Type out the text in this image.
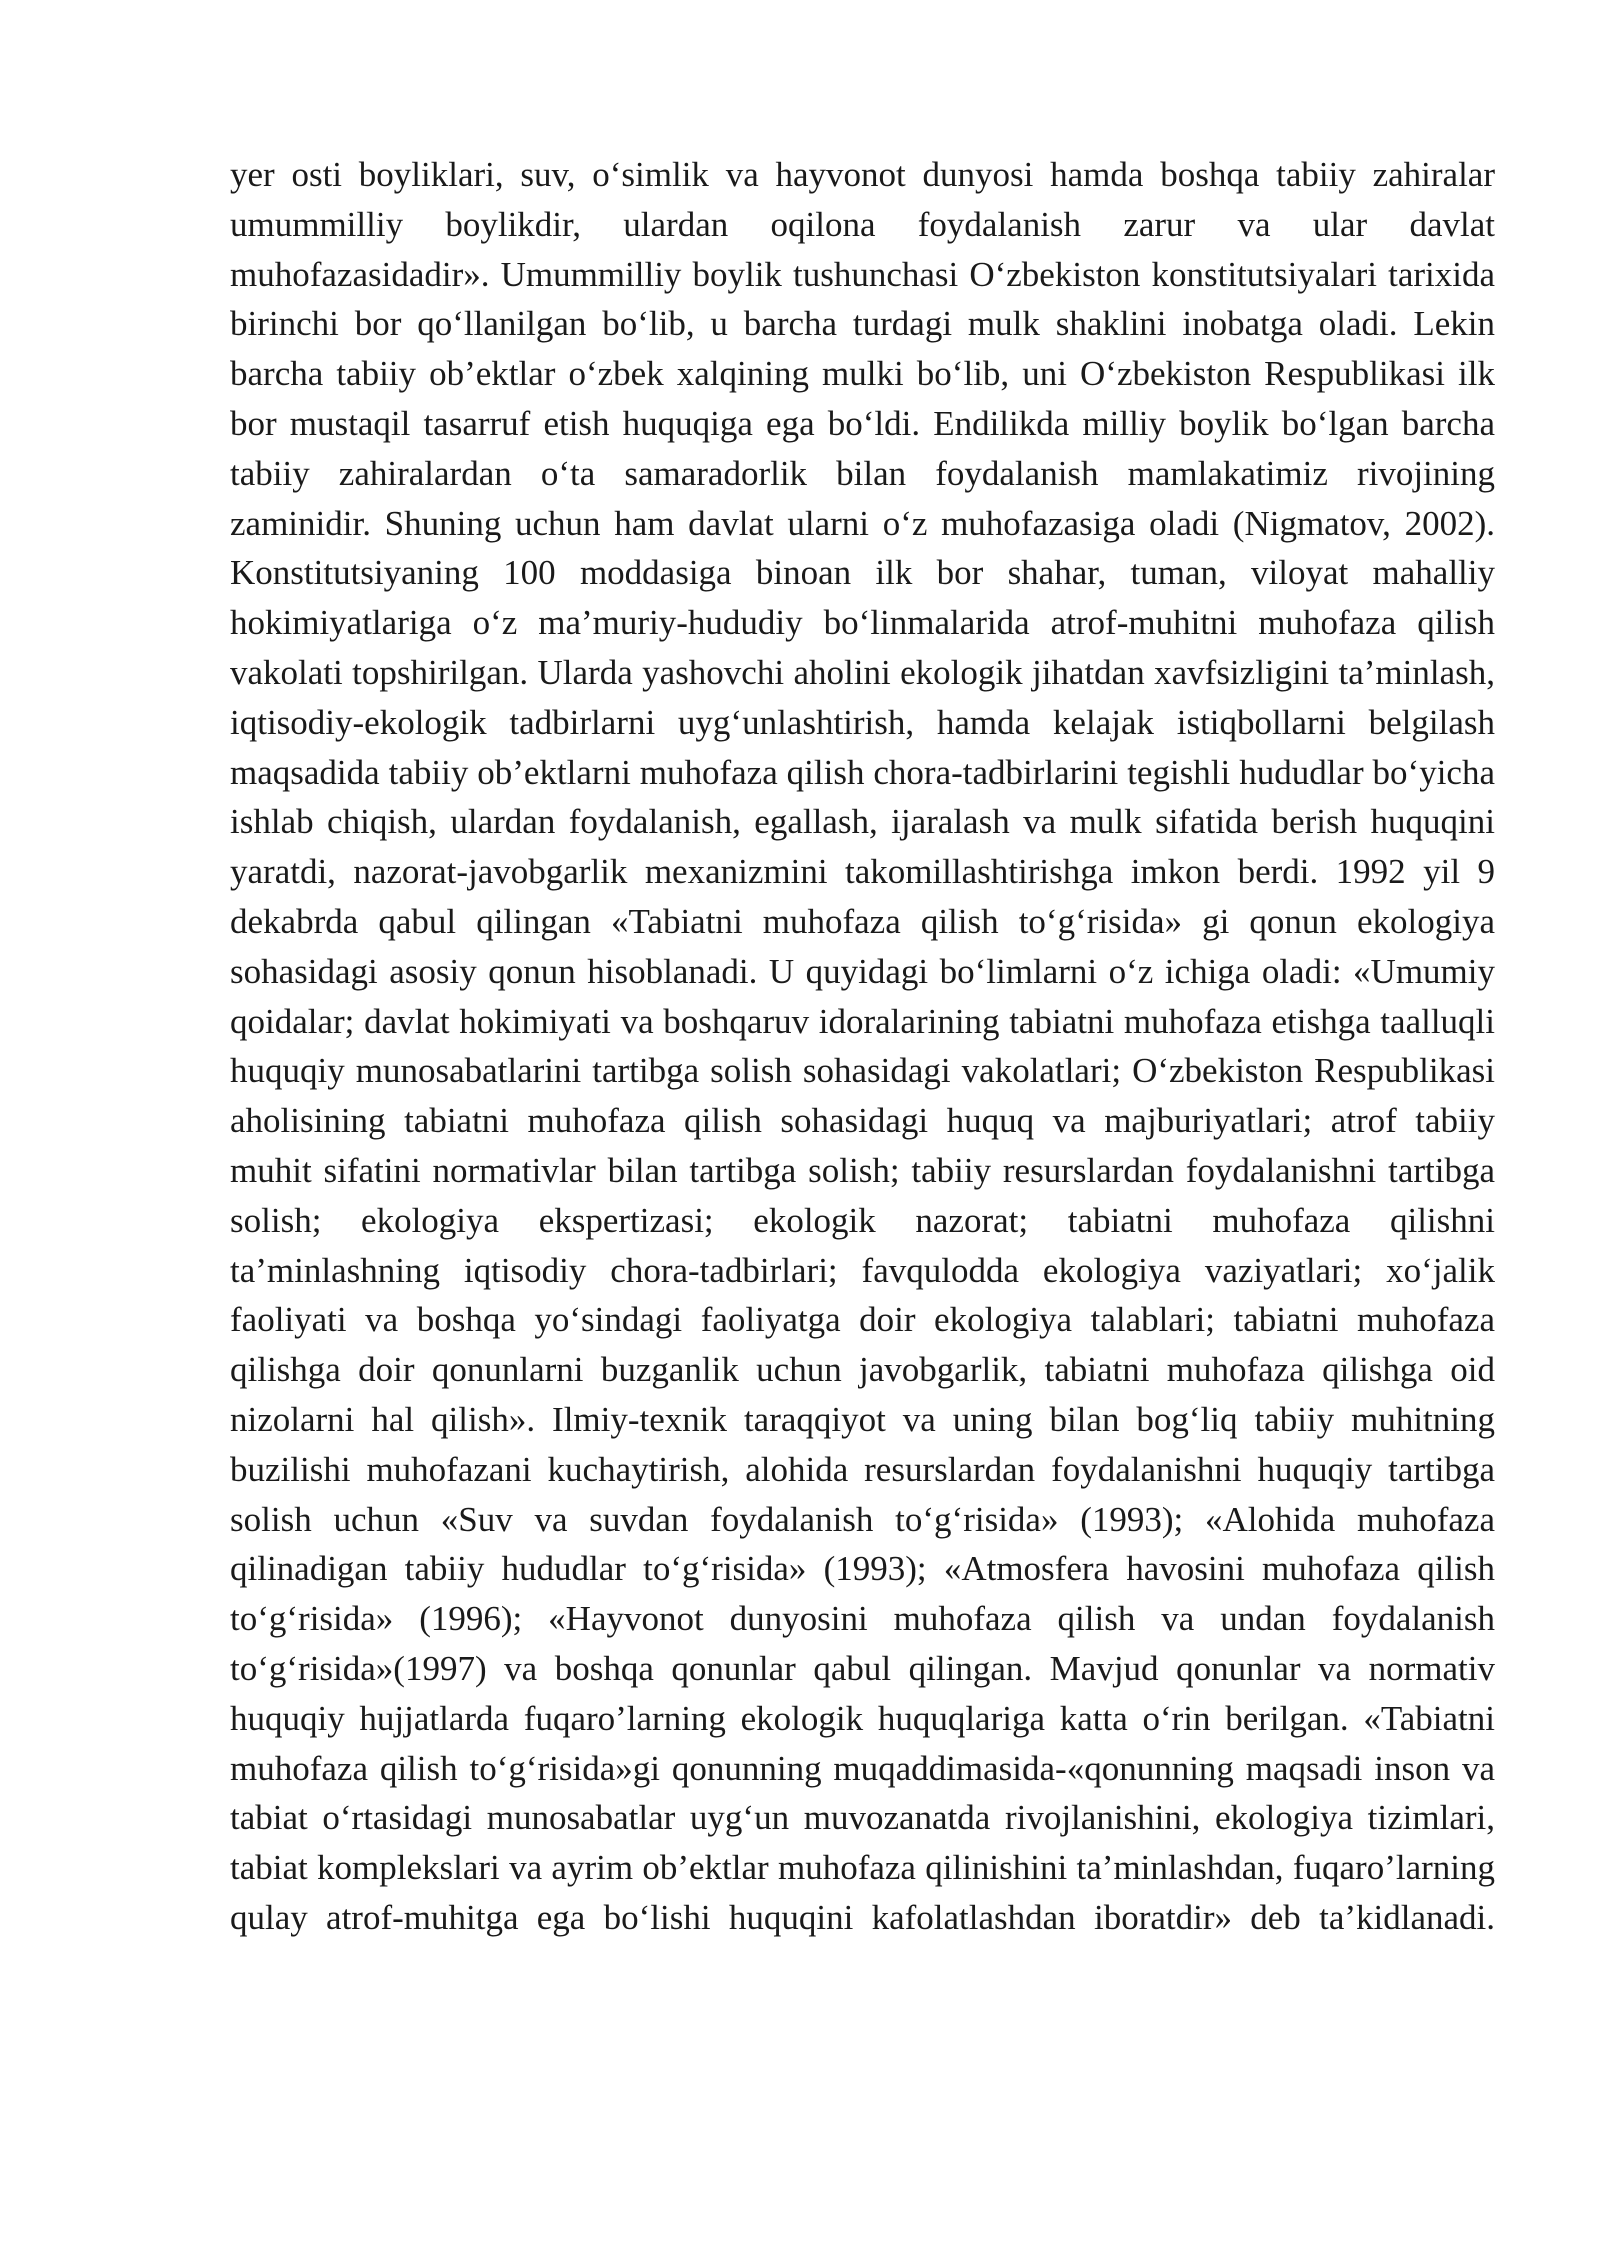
yer osti boyliklari, suv, o‘simlik va hayvonot dunyosi hamda boshqa tabiiy zahiralar umummilliy boylikdir, ulardan oqilona foydalanish zarur va ular davlat muhofazasidadir». Umummilliy boylik tushunchasi O‘zbekiston konstitutsiyalari tarixida birinchi bor qo‘llanilgan bo‘lib, u barcha turdagi mulk shaklini inobatga oladi. Lekin barcha tabiiy ob’ektlar o‘zbek xalqining mulki bo‘lib, uni O‘zbekiston Respublikasi ilk bor mustaqil tasarruf etish huquqiga ega bo‘ldi. Endilikda milliy boylik bo‘lgan barcha tabiiy zahiralardan o‘ta samaradorlik bilan foydalanish mamlakatimiz rivojining zaminidir. Shuning uchun ham davlat ularni o‘z muhofazasiga oladi (Nigmatov, 2002). Konstitutsiyaning 100 moddasiga binoan ilk bor shahar, tuman, viloyat mahalliy hokimiyatlariga o‘z ma’muriy-hududiy bo‘linmalarida atrof-muhitni muhofaza qilish vakolati topshirilgan. Ularda yashovchi aholini ekologik jihatdan xavfsizligini ta’minlash, iqtisodiy-ekologik tadbirlarni uyg‘unlashtirish, hamda kelajak istiqbollarni belgilash maqsadida tabiiy ob’ektlarni muhofaza qilish chora-tadbirlarini tegishli hududlar bo‘yicha ishlab chiqish, ulardan foydalanish, egallash, ijaralash va mulk sifatida berish huquqini yaratdi, nazorat-javobgarlik mexanizmini takomillashtirishga imkon berdi. 1992 yil 9 dekabrda qabul qilingan «Tabiatni muhofaza qilish to‘g‘risida» gi qonun ekologiya sohasidagi asosiy qonun hisoblanadi. U quyidagi bo‘limlarni o‘z ichiga oladi: «Umumiy qoidalar; davlat hokimiyati va boshqaruv idoralarining tabiatni muhofaza etishga taalluqli huquqiy munosabatlarini tartibga solish sohasidagi vakolatlari; O‘zbekiston Respublikasi aholisining tabiatni muhofaza qilish sohasidagi huquq va majburiyatlari; atrof tabiiy muhit sifatini normativlar bilan tartibga solish; tabiiy resurslardan foydalanishni tartibga solish; ekologiya ekspertizasi; ekologik nazorat; tabiatni muhofaza qilishni ta’minlashning iqtisodiy chora-tadbirlari; favqulodda ekologiya vaziyatlari; xo‘jalik faoliyati va boshqa yo‘sindagi faoliyatga doir ekologiya talablari; tabiatni muhofaza qilishga doir qonunlarni buzganlik uchun javobgarlik, tabiatni muhofaza qilishga oid nizolarni hal qilish». Ilmiy-texnik taraqqiyot va uning bilan bog‘liq tabiiy muhitning buzilishi muhofazani kuchaytirish, alohida resurslardan foydalanishni huquqiy tartibga solish uchun «Suv va suvdan foydalanish to‘g‘risida» (1993); «Alohida muhofaza qilinadigan tabiiy hududlar to‘g‘risida» (1993); «Atmosfera havosini muhofaza qilish to‘g‘risida» (1996); «Hayvonot dunyosini muhofaza qilish va undan foydalanish to‘g‘risida»(1997) va boshqa qonunlar qabul qilingan. Mavjud qonunlar va normativ huquqiy hujjatlarda fuqaro’larning ekologik huquqlariga katta o‘rin berilgan. «Tabiatni muhofaza qilish to‘g‘risida»gi qonunning muqaddimasida-«qonunning maqsadi inson va tabiat o‘rtasidagi munosabatlar uyg‘un muvozanatda rivojlanishini, ekologiya tizimlari, tabiat komplekslari va ayrim ob’ektlar muhofaza qilinishini ta’minlashdan, fuqaro’larning qulay atrof-muhitga ega bo‘lishi huquqini kafolatlashdan iboratdir» deb ta’kidlanadi.
